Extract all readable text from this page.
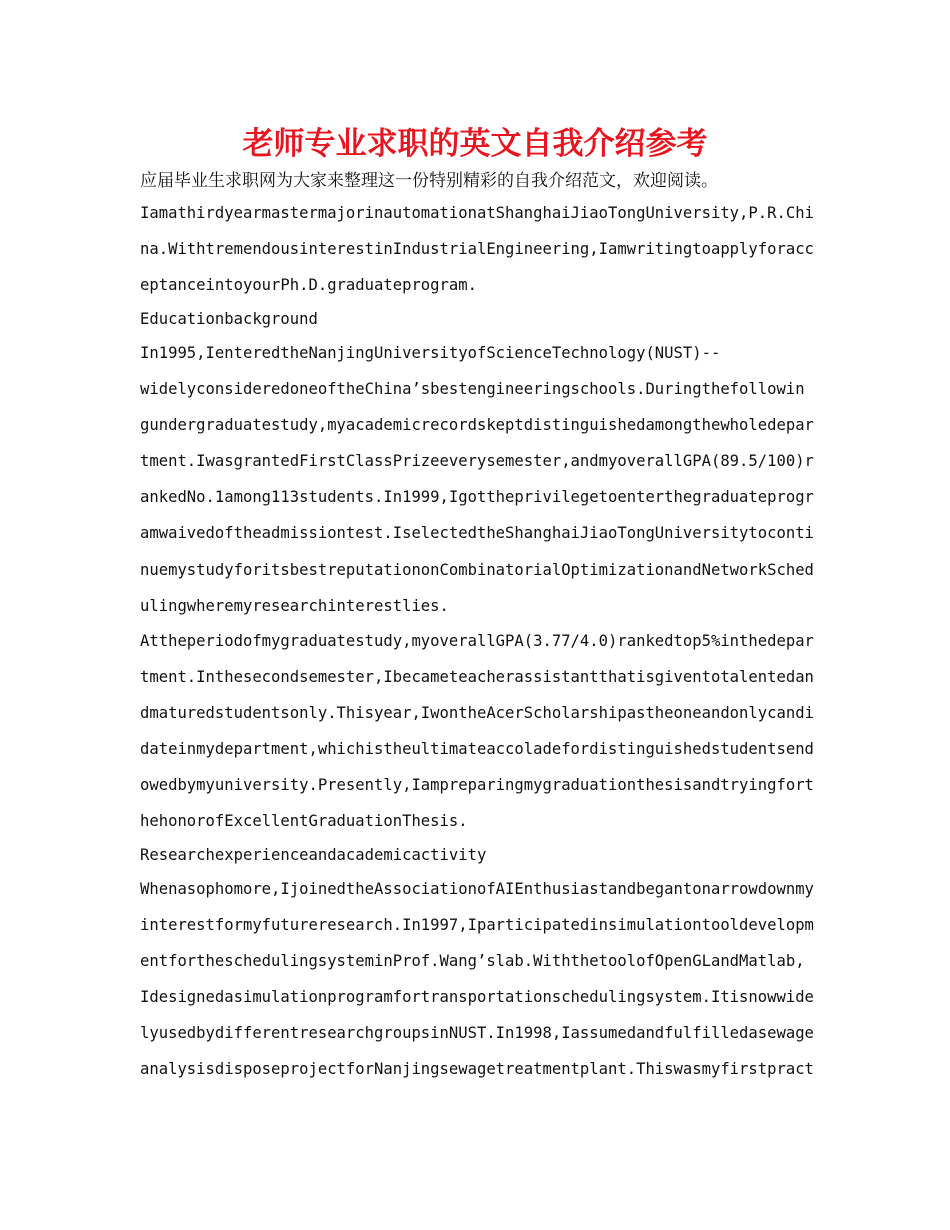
老师专业求职的英文自我介绍参考
应届毕业生求职网为大家来整理这一份特别精彩的自我介绍范文，欢迎阅读。
IamathirdyearmastermajorinautomationatShanghaiJiaoTongUniversity,P.R.Chi
na.WithtremendousinterestinIndustrialEngineering,Iamwritingtoapplyforacc
eptanceintoyourPh.D.graduateprogram.
Educationbackground
In1995,IenteredtheNanjingUniversityofScienceTechnology(NUST)--
widelyconsideredoneoftheChina’sbestengineeringschools.Duringthefollowin
gundergraduatestudy,myacademicrecordskeptdistinguishedamongthewholedepar
tment.IwasgrantedFirstClassPrizeeverysemester,andmyoverallGPA(89.5/100)r
ankedNo.1among113students.In1999,Igottheprivilegetoenterthegraduateprogr
amwaivedoftheadmissiontest.IselectedtheShanghaiJiaoTongUniversitytoconti
nuemystudyforitsbestreputationonCombinatorialOptimizationandNetworkSched
ulingwheremyresearchinterestlies.
Attheperiodofmygraduatestudy,myoverallGPA(3.77/4.0)rankedtop5%inthedepar
tment.Inthesecondsemester,Ibecameteacherassistantthatisgiventotalentedan
dmaturedstudentsonly.Thisyear,IwontheAcerScholarshipastheoneandonlycandi
dateinmydepartment,whichistheultimateaccoladefordistinguishedstudentsend
owedbymyuniversity.Presently,Iampreparingmygraduationthesisandtryingfort
hehonorofExcellentGraduationThesis.
Researchexperienceandacademicactivity
Whenasophomore,IjoinedtheAssociationofAIEnthusiastandbegantonarrowdownmy
interestformyfutureresearch.In1997,Iparticipatedinsimulationtooldevelopm
entfortheschedulingsysteminProf.Wang’slab.WiththetoolofOpenGLandMatlab,
Idesignedasimulationprogramfortransportationschedulingsystem.Itisnowwide
lyusedbydifferentresearchgroupsinNUST.In1998,Iassumedandfulfilledasewage
analysisdisposeprojectforNanjingsewagetreatmentplant.Thiswasmyfirstpract
